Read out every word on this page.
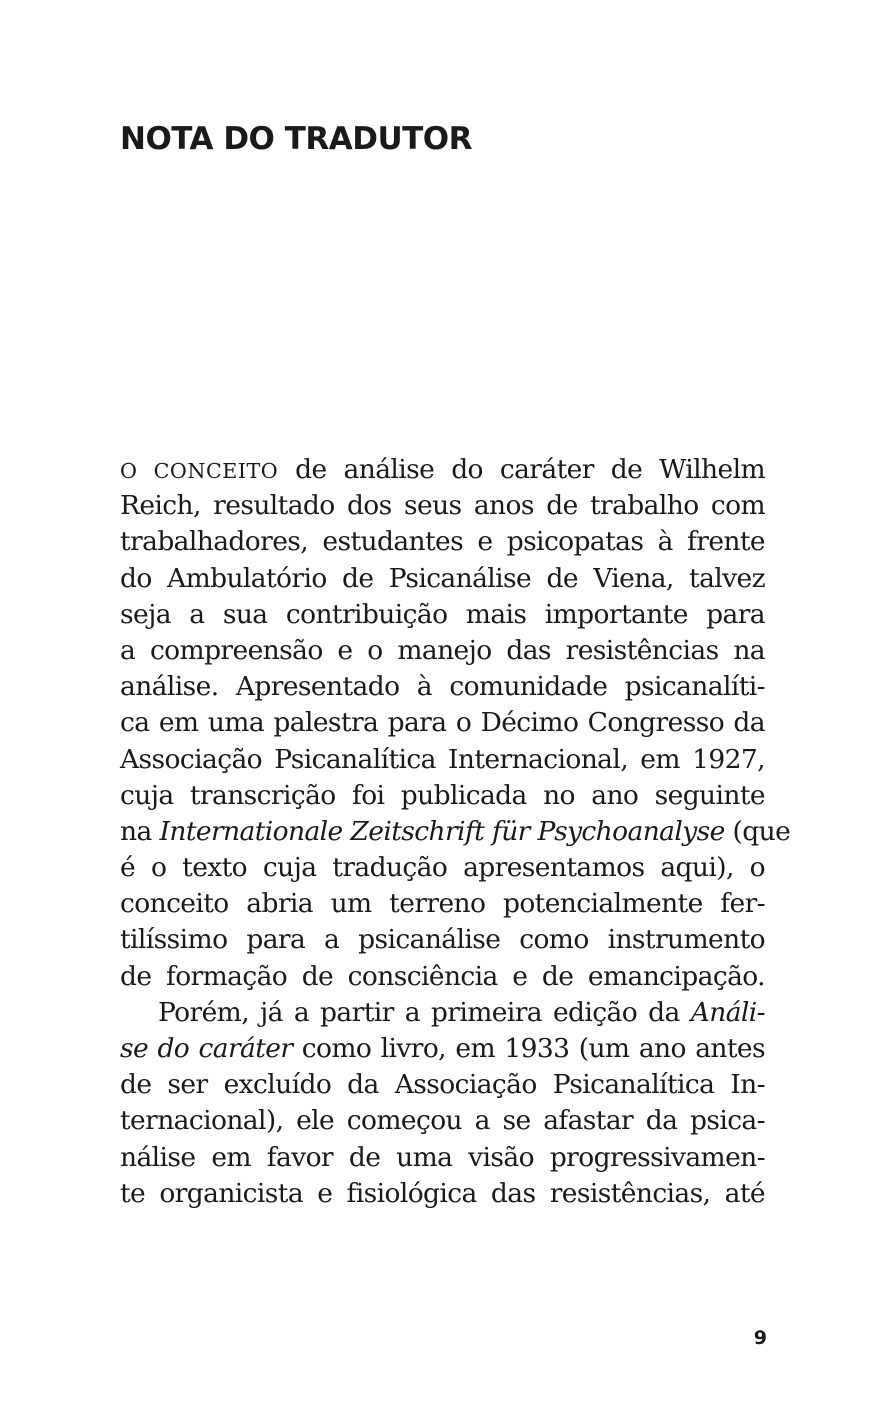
NOTA DO TRADUTOR
O CONCEITO de análise do caráter de Wilhelm
Reich, resultado dos seus anos de trabalho com
trabalhadores, estudantes e psicopatas à frente
do Ambulatório de Psicanálise de Viena, talvez
seja a sua contribuição mais importante para
a compreensão e o manejo das resistências na
análise. Apresentado à comunidade psicanalíti-
ca em uma palestra para o Décimo Congresso da
Associação Psicanalítica Internacional, em 1927,
cuja transcrição foi publicada no ano seguinte
na Internationale Zeitschrift für Psychoanalyse (que
é o texto cuja tradução apresentamos aqui), o
conceito abria um terreno potencialmente fer-
tilíssimo para a psicanálise como instrumento
de formação de consciência e de emancipação.
Porém, já a partir a primeira edição da Análi-
se do caráter como livro, em 1933 (um ano antes
de ser excluído da Associação Psicanalítica In-
ternacional), ele começou a se afastar da psica-
nálise em favor de uma visão progressivamen-
te organicista e fisiológica das resistências, até
9
